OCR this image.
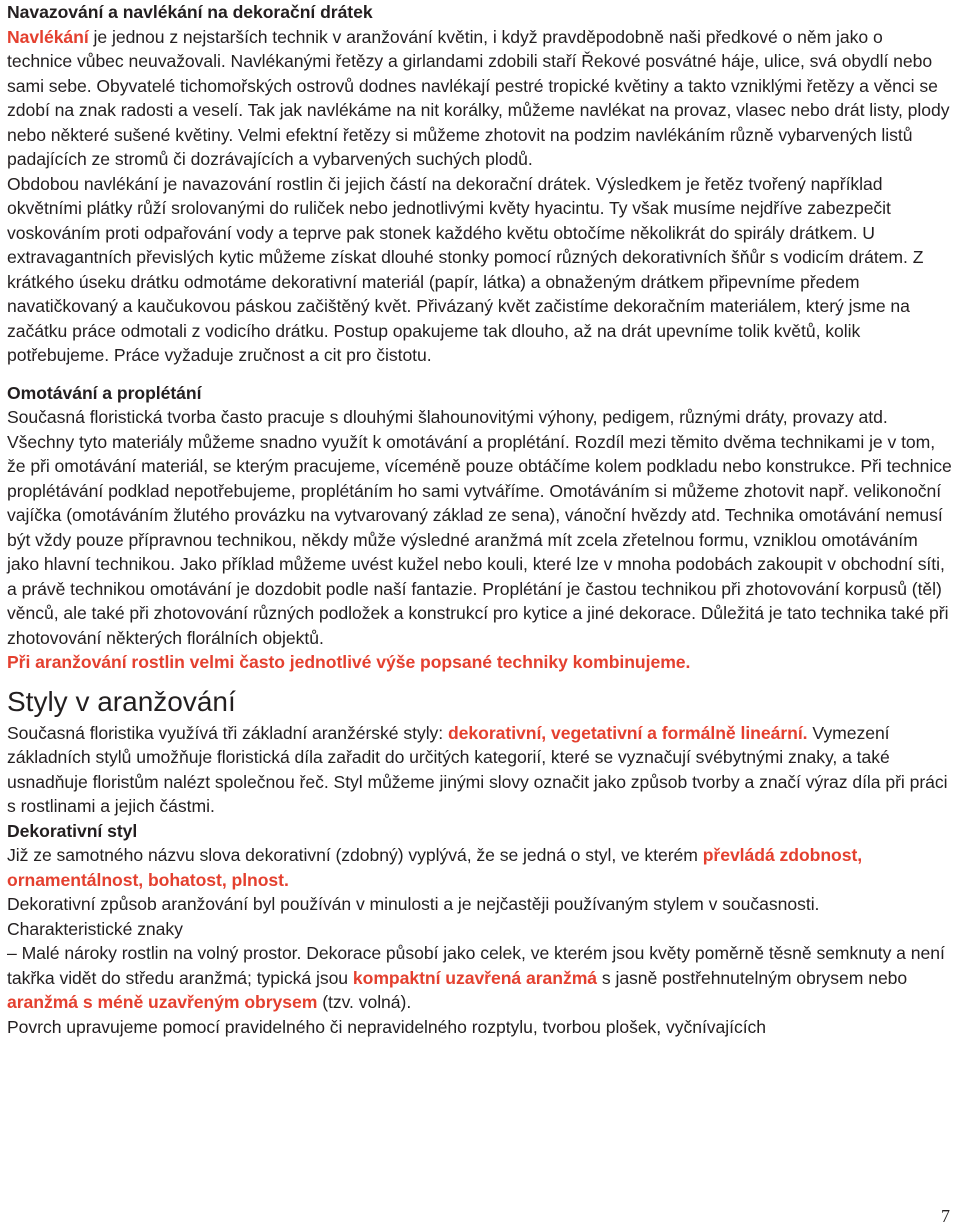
Navazování a navlékání na dekorační drátek

Navlékání je jednou z nejstarších technik v aranžování květin, i když pravděpodobně naši předkové o něm jako o technice vůbec neuvažovali. Navlékanými řetězy a girlandami zdobili staří Řekové posvátné háje, ulice, svá obydlí nebo sami sebe. Obyvatelé tichomořských ostrovů dodnes navlékají pestré tropické květiny a takto vzniklými řetězy a věnci se zdobí na znak radosti a veselí. Tak jak navlékáme na nit korálky, můžeme navlékat na provaz, vlasec nebo drát listy, plody nebo některé sušené květiny. Velmi efektní řetězy si můžeme zhotovit na podzim navlékáním různě vybarvených listů padajících ze stromů či dozrávajících a vybarvených suchých plodů.

Obdobou navlékání je navazování rostlin či jejich částí na dekorační drátek. Výsledkem je řetěz tvořený například okvětními plátky růží srolovanými do ruliček nebo jednotlivými květy hyacintu. Ty však musíme nejdříve zabezpečit voskováním proti odpařování vody a teprve pak stonek každého květu obtočíme několikrát do spirály drátkem. U extravagantních převislých kytic můžeme získat dlouhé stonky pomocí různých dekorativních šňůr s vodicím drátem. Z krátkého úseku drátku odmotáme dekorativní materiál (papír, látka) a obnaženým drátkem připevníme předem navatičkovaný a kaučukovou páskou začištěný květ. Přivázaný květ začistíme dekoračním materiálem, který jsme na začátku práce odmotali z vodicího drátku. Postup opakujeme tak dlouho, až na drát upevníme tolik květů, kolik potřebujeme. Práce vyžaduje zručnost a cit pro čistotu.

Omotávání a proplétání

Současná floristická tvorba často pracuje s dlouhými šlahounovitými výhony, pedigem, různými dráty, provazy atd. Všechny tyto materiály můžeme snadno využít k omotávání a proplétání. Rozdíl mezi těmito dvěma technikami je v tom, že při omotávání materiál, se kterým pracujeme, víceméně pouze obtáčíme kolem podkladu nebo konstrukce. Při technice proplétávání podklad nepotřebujeme, proplétáním ho sami vytváříme. Omotáváním si můžeme zhotovit např. velikonoční vajíčka (omotáváním žlutého provázku na vytvarovaný základ ze sena), vánoční hvězdy atd. Technika omotávání nemusí být vždy pouze přípravnou technikou, někdy může výsledné aranžmá mít zcela zřetelnou formu, vzniklou omotáváním jako hlavní technikou. Jako příklad můžeme uvést kužel nebo kouli, které lze v mnoha podobách zakoupit v obchodní síti, a právě technikou omotávání je dozdobit podle naší fantazie. Proplétání je častou technikou při zhotovování korpusů (těl) věnců, ale také při zhotovování různých podložek a konstrukcí pro kytice a jiné dekorace. Důležitá je tato technika také při zhotovování některých florálních objektů.

Při aranžování rostlin velmi často jednotlivé výše popsané techniky kombinujeme.

Styly v aranžování

Současná floristika využívá tři základní aranžérské styly: dekorativní, vegetativní a formálně lineární. Vymezení základních stylů umožňuje floristická díla zařadit do určitých kategorií, které se vyznačují svébytnými znaky, a také usnadňuje floristům nalézt společnou řeč. Styl můžeme jinými slovy označit jako způsob tvorby a značí výraz díla při práci s rostlinami a jejich částmi.

Dekorativní styl

Již ze samotného názvu slova dekorativní (zdobný) vyplývá, že se jedná o styl, ve kterém převládá zdobnost, ornamentálnost, bohatost, plnost.

Dekorativní způsob aranžování byl používán v minulosti a je nejčastěji používaným stylem v současnosti.

Charakteristické znaky

– Malé nároky rostlin na volný prostor. Dekorace působí jako celek, ve kterém jsou květy poměrně těsně semknuty a není takřka vidět do středu aranžmá; typická jsou kompaktní uzavřená aranžmá s jasně postřehnutelným obrysem nebo aranžmá s méně uzavřeným obrysem (tzv. volná).

Povrch upravujeme pomocí pravidelného či nepravidelného rozptylu, tvorbou plošek, vyčnívajících

7
